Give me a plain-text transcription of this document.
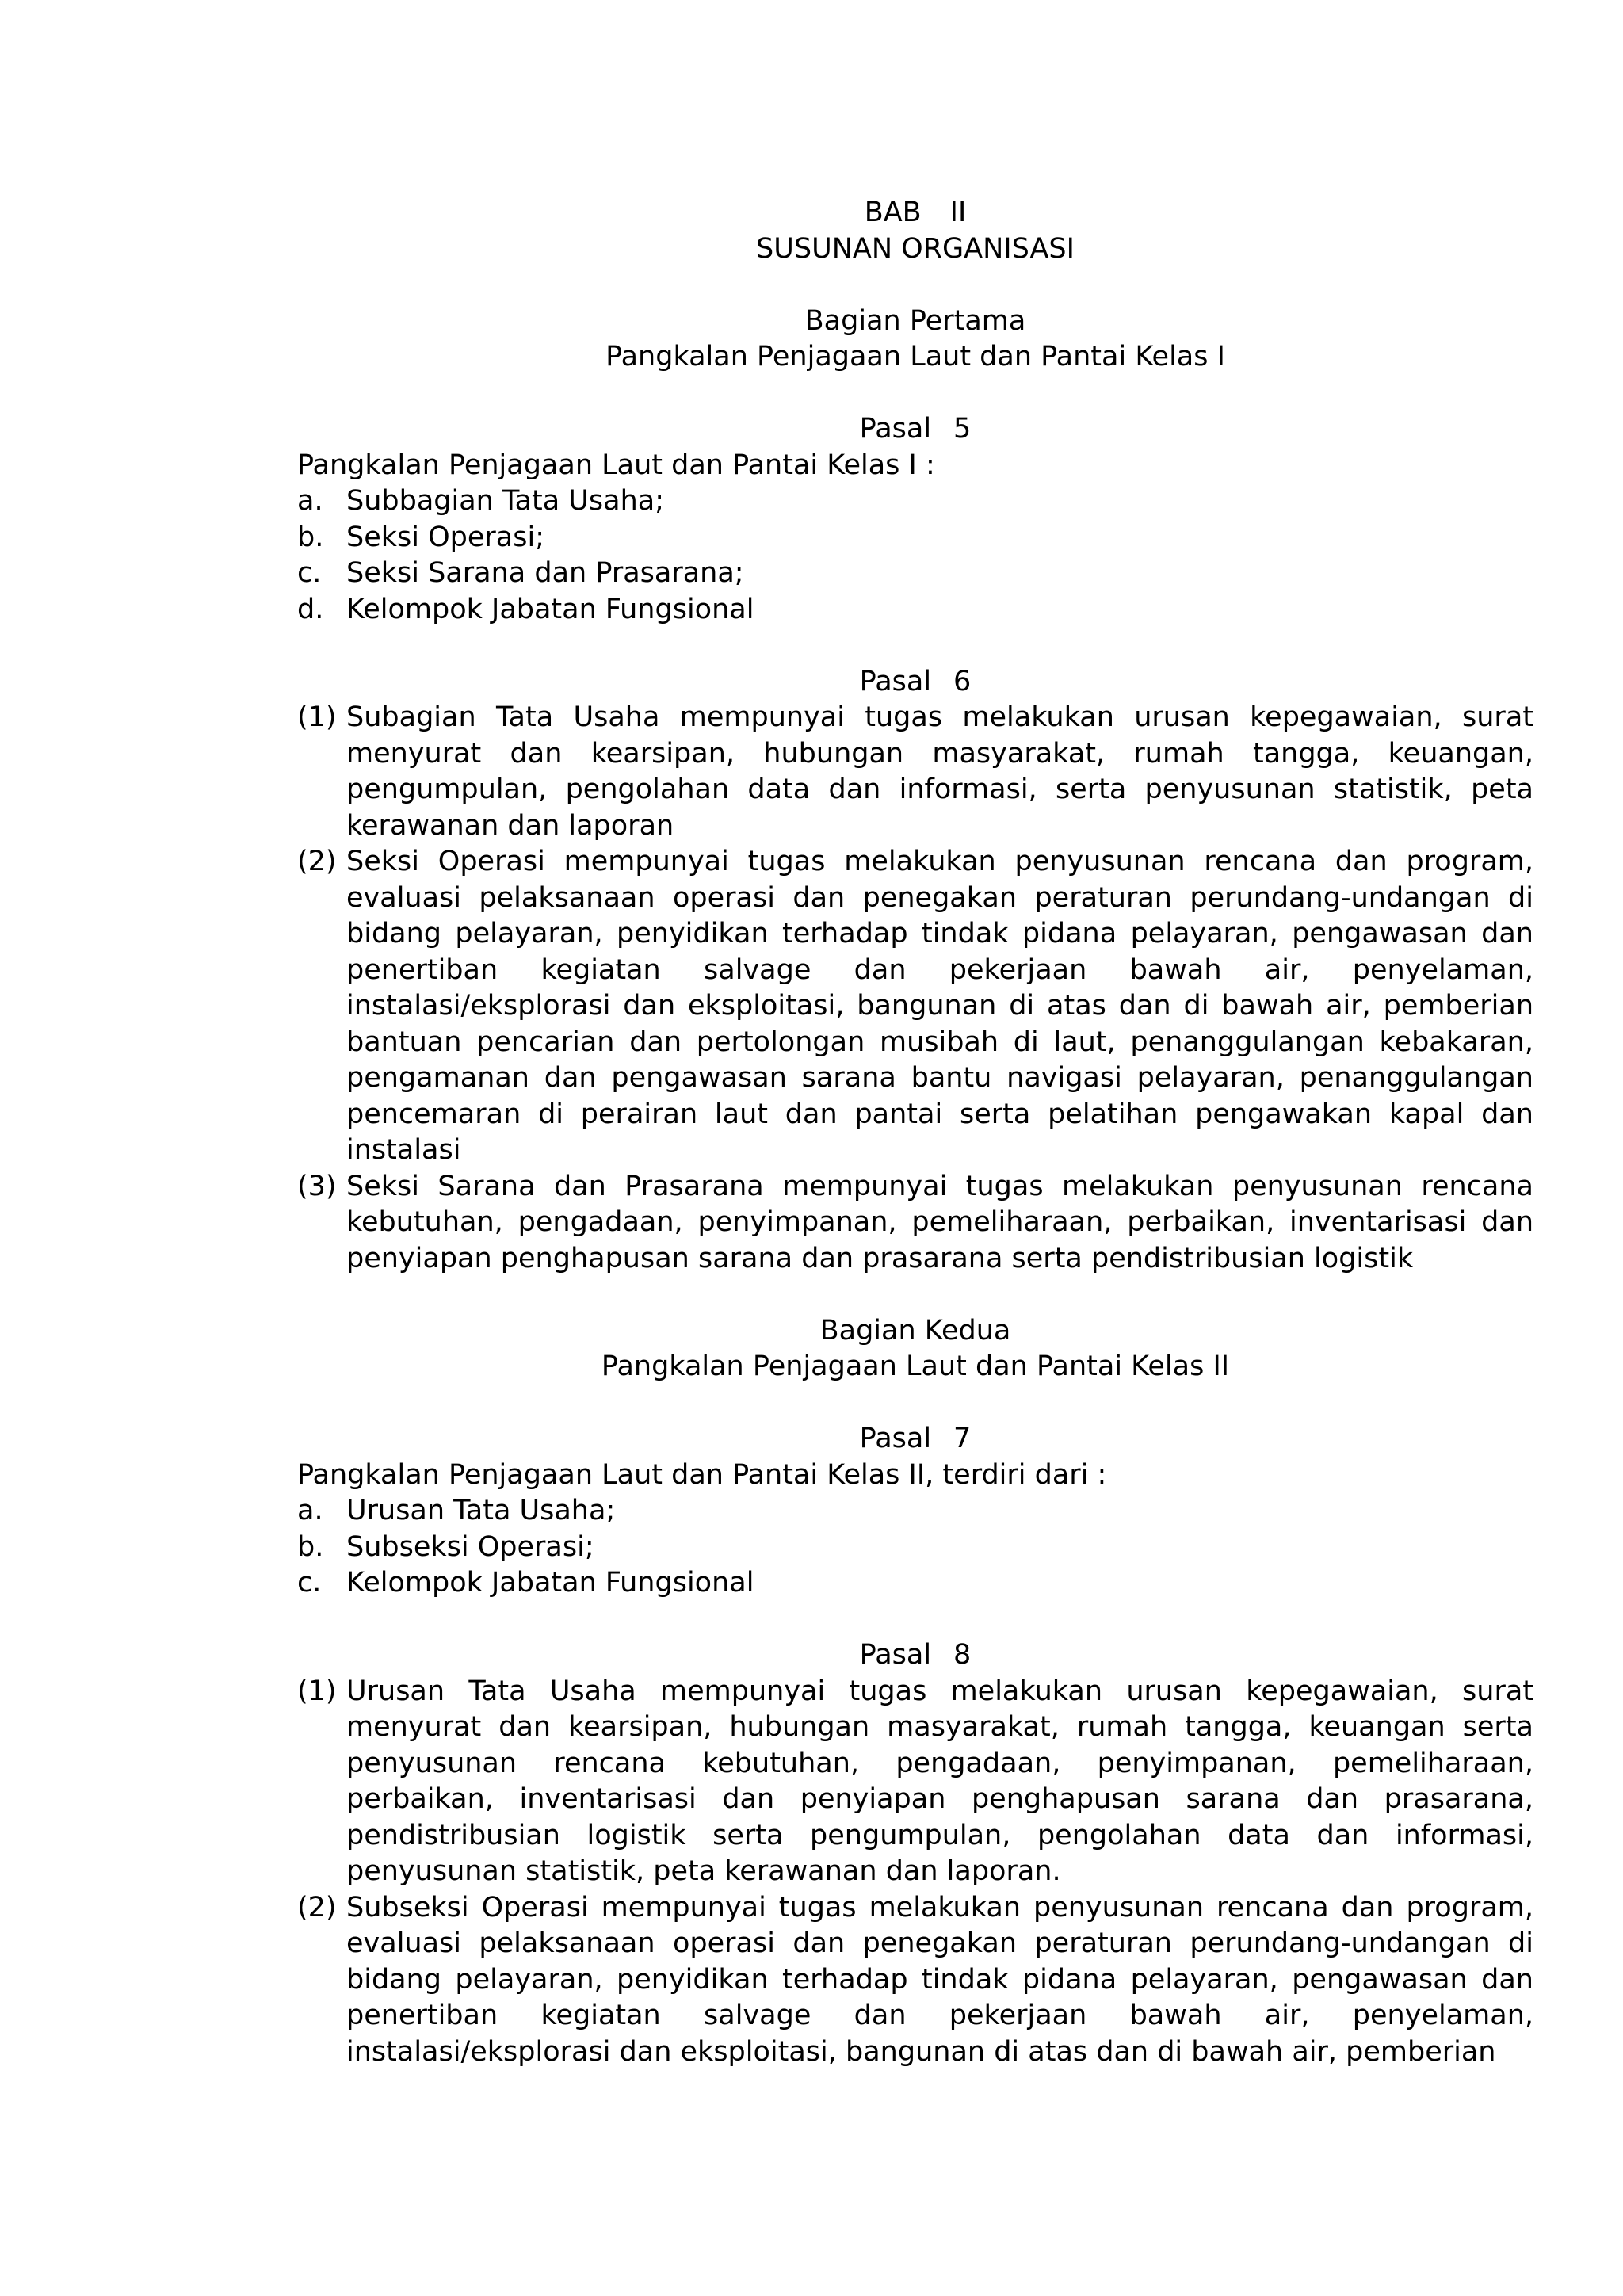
BAB II
SUSUNAN ORGANISASI
Bagian Pertama
Pangkalan Penjagaan Laut dan Pantai Kelas I
Pasal 5
Pangkalan Penjagaan Laut dan Pantai Kelas I :
a. Subbagian Tata Usaha;
b. Seksi Operasi;
c. Seksi Sarana dan Prasarana;
d. Kelompok Jabatan Fungsional
Pasal 6
(1) Subagian Tata Usaha mempunyai tugas melakukan urusan kepegawaian, surat menyurat dan kearsipan, hubungan masyarakat, rumah tangga, keuangan, pengumpulan, pengolahan data dan informasi, serta penyusunan statistik, peta kerawanan dan laporan
(2) Seksi Operasi mempunyai tugas melakukan penyusunan rencana dan program, evaluasi pelaksanaan operasi dan penegakan peraturan perundang-undangan di bidang pelayaran, penyidikan terhadap tindak pidana pelayaran, pengawasan dan penertiban kegiatan salvage dan pekerjaan bawah air, penyelaman, instalasi/eksplorasi dan eksploitasi, bangunan di atas dan di bawah air, pemberian bantuan pencarian dan pertolongan musibah di laut, penanggulangan kebakaran, pengamanan dan pengawasan sarana bantu navigasi pelayaran, penanggulangan pencemaran di perairan laut dan pantai serta pelatihan pengawakan kapal dan instalasi
(3) Seksi Sarana dan Prasarana mempunyai tugas melakukan penyusunan rencana kebutuhan, pengadaan, penyimpanan, pemeliharaan, perbaikan, inventarisasi dan penyiapan penghapusan sarana dan prasarana serta pendistribusian logistik
Bagian Kedua
Pangkalan Penjagaan Laut dan Pantai Kelas II
Pasal 7
Pangkalan Penjagaan Laut dan Pantai Kelas II, terdiri dari :
a. Urusan Tata Usaha;
b. Subseksi Operasi;
c. Kelompok Jabatan Fungsional
Pasal 8
(1) Urusan Tata Usaha mempunyai tugas melakukan urusan kepegawaian, surat menyurat dan kearsipan, hubungan masyarakat, rumah tangga, keuangan serta penyusunan rencana kebutuhan, pengadaan, penyimpanan, pemeliharaan, perbaikan, inventarisasi dan penyiapan penghapusan sarana dan prasarana, pendistribusian logistik serta pengumpulan, pengolahan data dan informasi, penyusunan statistik, peta kerawanan dan laporan.
(2) Subseksi Operasi mempunyai tugas melakukan penyusunan rencana dan program, evaluasi pelaksanaan operasi dan penegakan peraturan perundang-undangan di bidang pelayaran, penyidikan terhadap tindak pidana pelayaran, pengawasan dan penertiban kegiatan salvage dan pekerjaan bawah air, penyelaman, instalasi/eksplorasi dan eksploitasi, bangunan di atas dan di bawah air, pemberian
